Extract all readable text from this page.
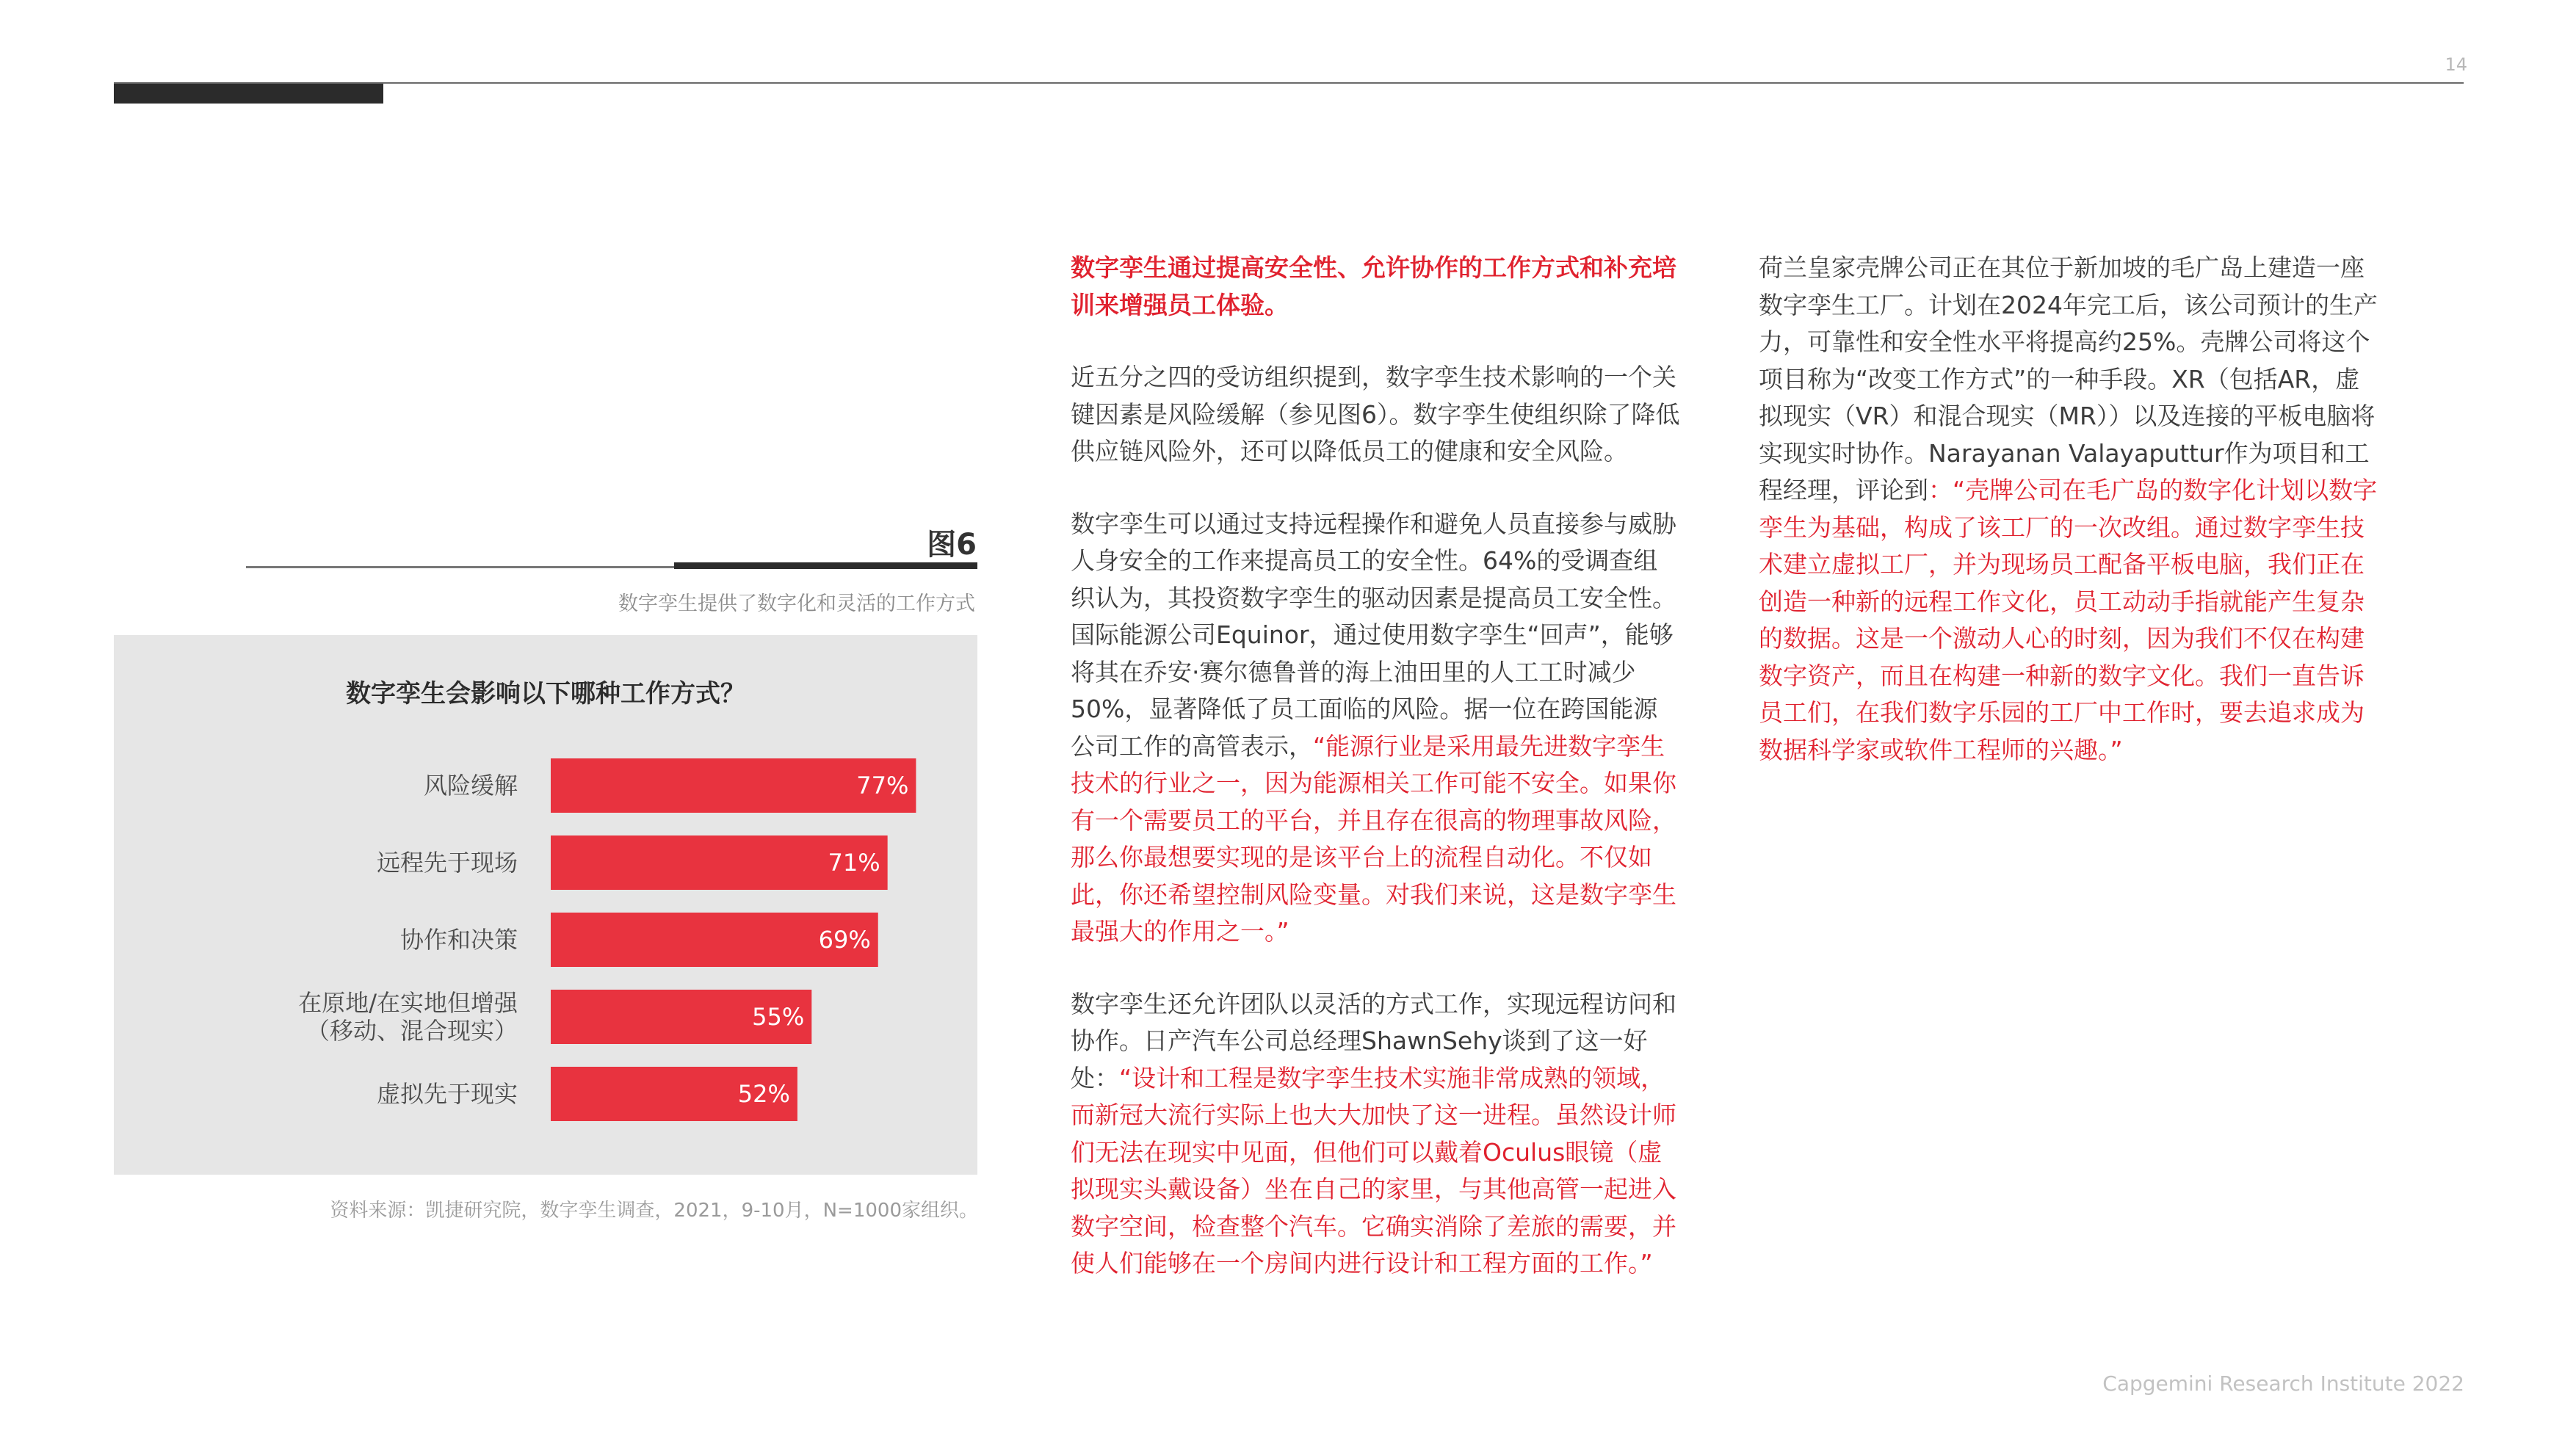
14
图6
数字孪生提供了数字化和灵活的工作方式
数字孪生会影响以下哪种工作方式？
77%
风险缓解
71%
远程先于现场
69%
协作和决策
55%
在原地/在实地但增强
（移动、混合现实）
52%
虚拟先于现实
资料来源：凯捷研究院，数字孪生调查，2021，9-10月，N=1000家组织。

数字孪生通过提高安全性、允许协作的工作方式和补充培训来增强员工体验。

近五分之四的受访组织提到，数字孪生技术影响的一个关键因素是风险缓解（参见图6）。数字孪生使组织除了降低供应链风险外，还可以降低员工的健康和安全风险。

数字孪生可以通过支持远程操作和避免人员直接参与威胁人身安全的工作来提高员工的安全性。64%的受调查组织认为，其投资数字孪生的驱动因素是提高员工安全性。国际能源公司Equinor，通过使用数字孪生“回声”，能够将其在乔安·赛尔德鲁普的海上油田里的人工工时减少50%，显著降低了员工面临的风险。据一位在跨国能源公司工作的高管表示，“能源行业是采用最先进数字孪生技术的行业之一，因为能源相关工作可能不安全。如果你有一个需要员工的平台，并且存在很高的物理事故风险，那么你最想要实现的是该平台上的流程自动化。不仅如此，你还希望控制风险变量。对我们来说，这是数字孪生最强大的作用之一。”

数字孪生还允许团队以灵活的方式工作，实现远程访问和协作。日产汽车公司总经理ShawnSehy谈到了这一好处：“设计和工程是数字孪生技术实施非常成熟的领域，而新冠大流行实际上也大大加快了这一进程。虽然设计师们无法在现实中见面，但他们可以戴着Oculus眼镜（虚拟现实头戴设备）坐在自己的家里，与其他高管一起进入数字空间，检查整个汽车。它确实消除了差旅的需要，并使人们能够在一个房间内进行设计和工程方面的工作。”

荷兰皇家壳牌公司正在其位于新加坡的毛广岛上建造一座数字孪生工厂。计划在2024年完工后，该公司预计的生产力，可靠性和安全性水平将提高约25%。壳牌公司将这个项目称为“改变工作方式”的一种手段。XR（包括AR，虚拟现实（VR）和混合现实（MR））以及连接的平板电脑将实现实时协作。Narayanan Valayaputtur作为项目和工程经理，评论到：“壳牌公司在毛广岛的数字化计划以数字孪生为基础，构成了该工厂的一次改组。通过数字孪生技术建立虚拟工厂，并为现场员工配备平板电脑，我们正在创造一种新的远程工作文化，员工动动手指就能产生复杂的数据。这是一个激动人心的时刻，因为我们不仅在构建数字资产，而且在构建一种新的数字文化。我们一直告诉员工们，在我们数字乐园的工厂中工作时，要去追求成为数据科学家或软件工程师的兴趣。”

Capgemini Research Institute 2022
